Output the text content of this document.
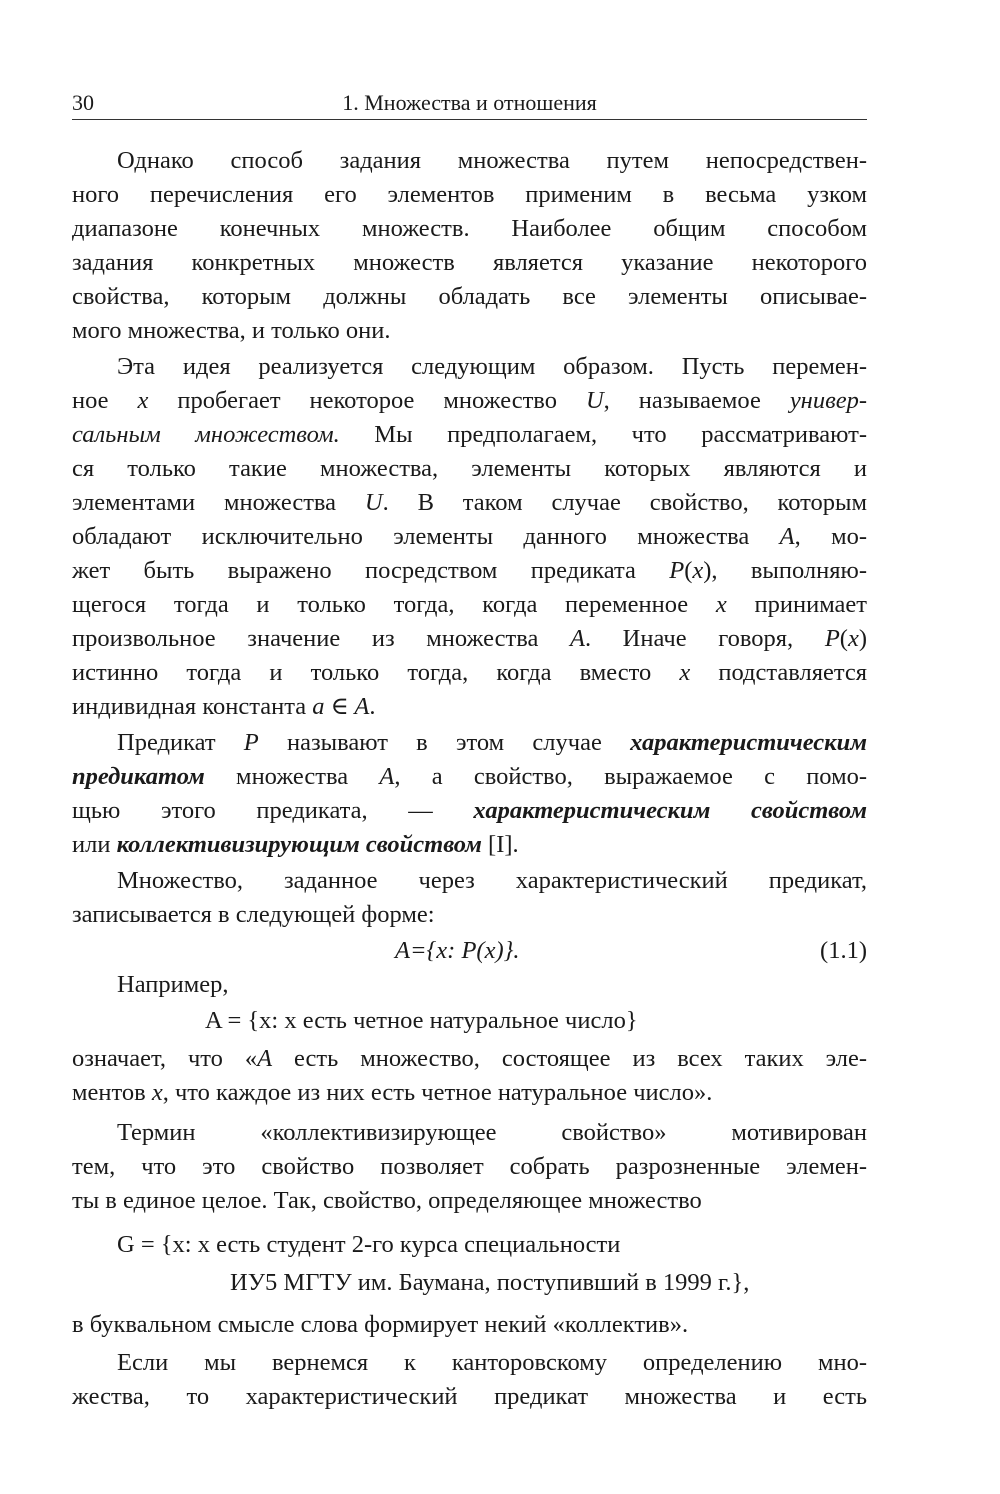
30	1. Множества и отношения
Однако способ задания множества путем непосредствен-
ного перечисления его элементов применим в весьма узком
диапазоне конечных множеств. Наиболее общим способом
задания конкретных множеств является указание некоторого
свойства, которым должны обладать все элементы описывае-
мого множества, и только они.
Эта идея реализуется следующим образом. Пусть перемен-
ное x пробегает некоторое множество U, называемое универ-
сальным множеством. Мы предполагаем, что рассматривают-
ся только такие множества, элементы которых являются и
элементами множества U. В таком случае свойство, которым
обладают исключительно элементы данного множества A, мо-
жет быть выражено посредством предиката P(x), выполняю-
щегося тогда и только тогда, когда переменное x принимает
произвольное значение из множества A. Иначе говоря, P(x)
истинно тогда и только тогда, когда вместо x подставляется
индивидная константа a ∈ A.
Предикат P называют в этом случае характеристическим
предикатом множества A, а свойство, выражаемое с помо-
щью этого предиката, — характеристическим свойством
или коллективизирующим свойством [I].
Множество, заданное через характеристический предикат,
записывается в следующей форме:
A={x: P(x)}.	(1.1)
Например,
A = {x: x есть четное натуральное число}
означает, что «A есть множество, состоящее из всех таких эле-
ментов x, что каждое из них есть четное натуральное число».
Термин «коллективизирующее свойство» мотивирован
тем, что это свойство позволяет собрать разрозненные элемен-
ты в единое целое. Так, свойство, определяющее множество
G = {x: x есть студент 2-го курса специальности
ИУ5 МГТУ им. Баумана, поступивший в 1999 г.},
в буквальном смысле слова формирует некий «коллектив».
Если мы вернемся к канторовскому определению мно-
жества, то характеристический предикат множества и есть
